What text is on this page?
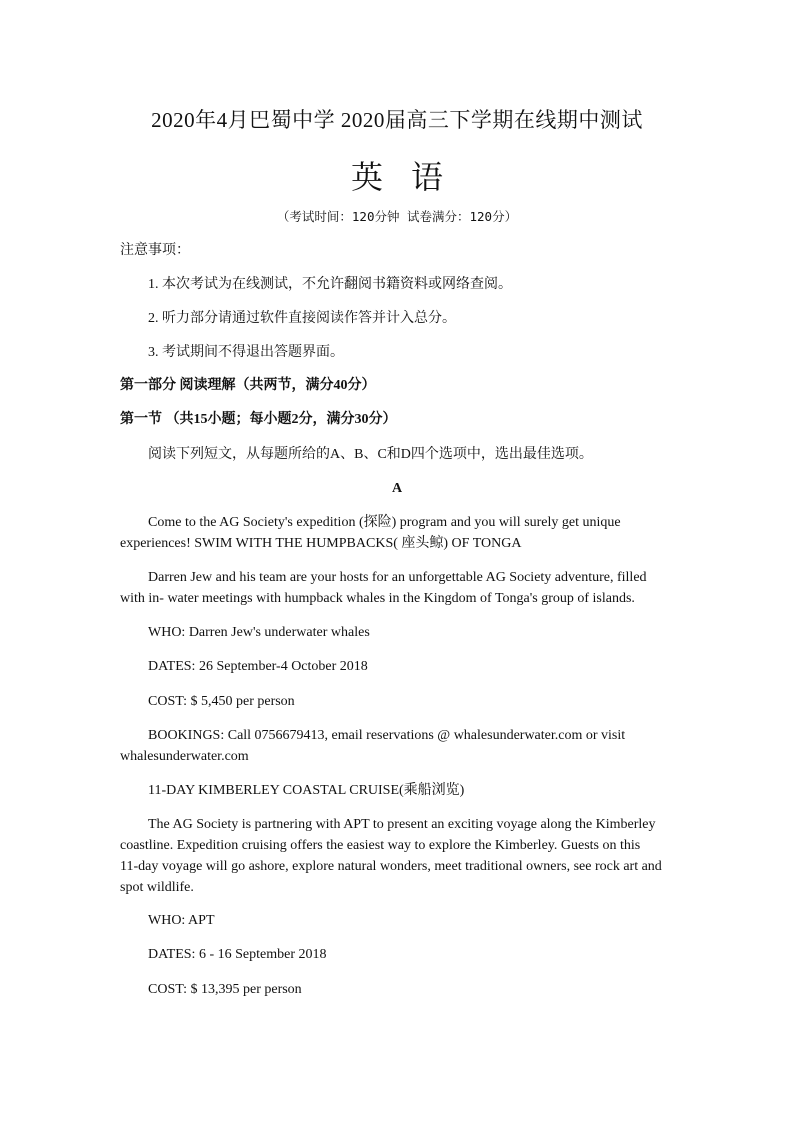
2020年4月巴蜀中学 2020届高三下学期在线期中测试
英语
（考试时间：120分钟 试卷满分：120分）
注意事项：
1. 本次考试为在线测试，不允许翻阅书籍资料或网络查阅。
2. 听力部分请通过软件直接阅读作答并计入总分。
3. 考试期间不得退出答题界面。
第一部分 阅读理解（共两节，满分40分）
第一节 （共15小题；每小题2分，满分30分）
阅读下列短文，从每题所给的A、B、C和D四个选项中，选出最佳选项。
A
Come to the AG Society's expedition (探险) program and you will surely get unique
experiences! SWIM WITH THE HUMPBACKS( 座头鲸) OF TONGA
Darren Jew and his team are your hosts for an unforgettable AG Society adventure, filled
with in- water meetings with humpback whales in the Kingdom of Tonga's group of islands.
WHO: Darren Jew's underwater whales
DATES: 26 September-4 October 2018
COST: $ 5,450 per person
BOOKINGS: Call 0756679413, email reservations @ whalesunderwater.com or visit
whalesunderwater.com
11-DAY KIMBERLEY COASTAL CRUISE(乘船浏览)
The AG Society is partnering with APT to present an exciting voyage along the Kimberley
coastline. Expedition cruising offers the easiest way to explore the Kimberley. Guests on this
11-day voyage will go ashore, explore natural wonders, meet traditional owners, see rock art and
spot wildlife.
WHO: APT
DATES: 6 - 16 September 2018
COST: $ 13,395 per person
